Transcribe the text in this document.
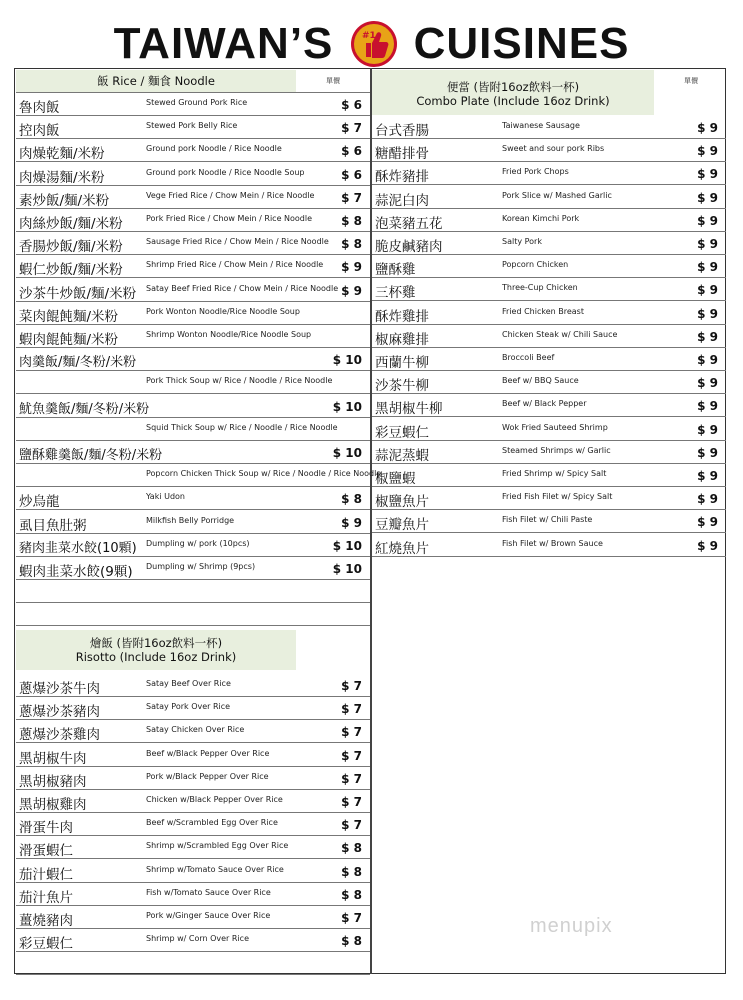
TAIWAN’S	#1 CUISINES
飯 Rice / 麵食 Noodle	單價
魯肉飯	Stewed Ground Pork Rice	$ 6
控肉飯	Stewed Pork Belly Rice	$ 7
肉燥乾麵/米粉	Ground pork Noodle / Rice Noodle	$ 6
肉燥湯麵/米粉	Ground pork Noodle / Rice Noodle Soup	$ 6
素炒飯/麵/米粉	Vege Fried Rice / Chow Mein / Rice Noodle $ 7
肉絲炒飯/麵/米粉	Pork Fried Rice / Chow Mein / Rice Noodle $ 8
香腸炒飯/麵/米粉	Sausage Fried Rice / Chow Mein / Rice Noodle $ 8
蝦仁炒飯/麵/米粉	Shrimp Fried Rice / Chow Mein / Rice Noodle $ 9
沙茶牛炒飯/麵/米粉 Satay Beef Fried Rice / Chow Mein / Rice Noodle $ 9
菜肉餛飩麵/米粉	Pork Wonton Noodle/Rice Noodle Soup
蝦肉餛飩麵/米粉	Shrimp Wonton Noodle/Rice Noodle Soup
肉羹飯/麵/冬粉/米粉	$ 10
Pork Thick Soup w/ Rice / Noodle / Rice Noodle
魷魚羹飯/麵/冬粉/米粉	$ 10
Squid Thick Soup w/ Rice / Noodle / Rice Noodle
鹽酥雞羹飯/麵/冬粉/米粉	$ 10
Popcorn Chicken Thick Soup w/ Rice / Noodle / Rice Noodle
炒烏龍	Yaki Udon	$ 8
虱目魚肚粥	Milkfish Belly Porridge	$ 9
豬肉韭菜水餃(10顆) Dumpling w/ pork (10pcs)	$ 10
蝦肉韭菜水餃(9顆) Dumpling w/ Shrimp (9pcs)	$ 10
燴飯 (皆附16oz飲料一杯)
Risotto (Include 16oz Drink)
蔥爆沙茶牛肉	Satay Beef Over Rice	$ 7
蔥爆沙茶豬肉	Satay Pork Over Rice	$ 7
蔥爆沙茶雞肉	Satay Chicken Over Rice	$ 7
黑胡椒牛肉	Beef w/Black Pepper Over Rice	$ 7
黑胡椒豬肉	Pork w/Black Pepper Over Rice	$ 7
黑胡椒雞肉	Chicken w/Black Pepper Over Rice	$ 7
滑蛋牛肉	Beef w/Scrambled Egg Over Rice	$ 7
滑蛋蝦仁	Shrimp w/Scrambled Egg Over Rice	$ 8
茄汁蝦仁	Shrimp w/Tomato Sauce Over Rice	$ 8
茄汁魚片	Fish w/Tomato Sauce Over Rice	$ 8
薑燒豬肉	Pork w/Ginger Sauce Over Rice	$ 7
彩豆蝦仁	Shrimp w/ Corn Over Rice	$ 8
便當 (皆附16oz飲料一杯)
Combo Plate (Include 16oz Drink)
單價
台式香腸	Taiwanese Sausage	$ 9
糖醋排骨	Sweet and sour pork Ribs	$ 9
酥炸豬排	Fried Pork Chops	$ 9
蒜泥白肉	Pork Slice w/ Mashed Garlic	$ 9
泡菜豬五花	Korean Kimchi Pork	$ 9
脆皮鹹豬肉	Salty Pork	$ 9
鹽酥雞	Popcorn Chicken	$ 9
三杯雞	Three-Cup Chicken	$ 9
酥炸雞排	Fried Chicken Breast	$ 9
椒麻雞排	Chicken Steak w/ Chili Sauce	$ 9
西蘭牛柳	Broccoli Beef	$ 9
沙茶牛柳	Beef w/ BBQ Sauce	$ 9
黑胡椒牛柳	Beef w/ Black Pepper	$ 9
彩豆蝦仁	Wok Fried Sauteed Shrimp	$ 9
蒜泥蒸蝦	Steamed Shrimps w/ Garlic	$ 9
椒鹽蝦	Fried Shrimp w/ Spicy Salt	$ 9
椒鹽魚片	Fried Fish Filet w/ Spicy Salt	$ 9
豆瓣魚片	Fish Filet w/ Chili Paste	$ 9
紅燒魚片	Fish Filet w/ Brown Sauce	$ 9
menupix
